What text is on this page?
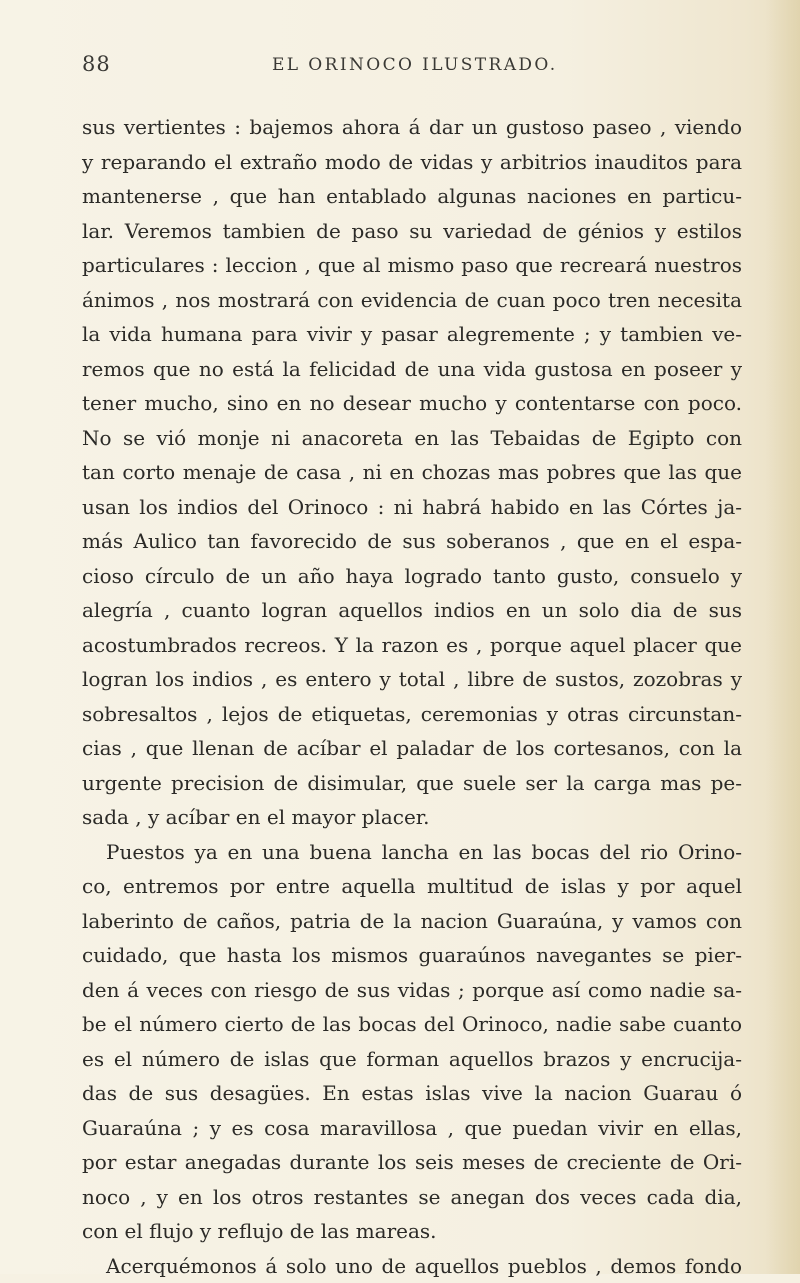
88	EL ORINOCO ILUSTRADO.
sus vertientes : bajemos ahora á dar un gustoso paseo , viendo
y reparando el extraño modo de vidas y arbitrios inauditos para
mantenerse , que han entablado algunas naciones en particu-
lar. Veremos tambien de paso su variedad de génios y estilos
particulares : leccion , que al mismo paso que recreará nuestros
ánimos , nos mostrará con evidencia de cuan poco tren necesita
la vida humana para vivir y pasar alegremente ; y tambien ve-
remos que no está la felicidad de una vida gustosa en poseer y
tener mucho, sino en no desear mucho y contentarse con poco.
No se vió monje ni anacoreta en las Tebaidas de Egipto con
tan corto menaje de casa , ni en chozas mas pobres que las que
usan los indios del Orinoco : ni habrá habido en las Córtes ja-
más Aulico tan favorecido de sus soberanos , que en el espa-
cioso círculo de un año haya logrado tanto gusto, consuelo y
alegría , cuanto logran aquellos indios en un solo dia de sus
acostumbrados recreos. Y la razon es , porque aquel placer que
logran los indios , es entero y total , libre de sustos, zozobras y
sobresaltos , lejos de etiquetas, ceremonias y otras circunstan-
cias , que llenan de acíbar el paladar de los cortesanos, con la
urgente precision de disimular, que suele ser la carga mas pe-
sada , y acíbar en el mayor placer.
Puestos ya en una buena lancha en las bocas del rio Orino-
co, entremos por entre aquella multitud de islas y por aquel
laberinto de caños, patria de la nacion Guaraúna, y vamos con
cuidado, que hasta los mismos guaraúnos navegantes se pier-
den á veces con riesgo de sus vidas ; porque así como nadie sa-
be el número cierto de las bocas del Orinoco, nadie sabe cuanto
es el número de islas que forman aquellos brazos y encrucija-
das de sus desagües. En estas islas vive la nacion Guarau ó
Guaraúna ; y es cosa maravillosa , que puedan vivir en ellas,
por estar anegadas durante los seis meses de creciente de Ori-
noco , y en los otros restantes se anegan dos veces cada dia,
con el flujo y reflujo de las mareas.
Acerquémonos á solo uno de aquellos pueblos , demos fondo
